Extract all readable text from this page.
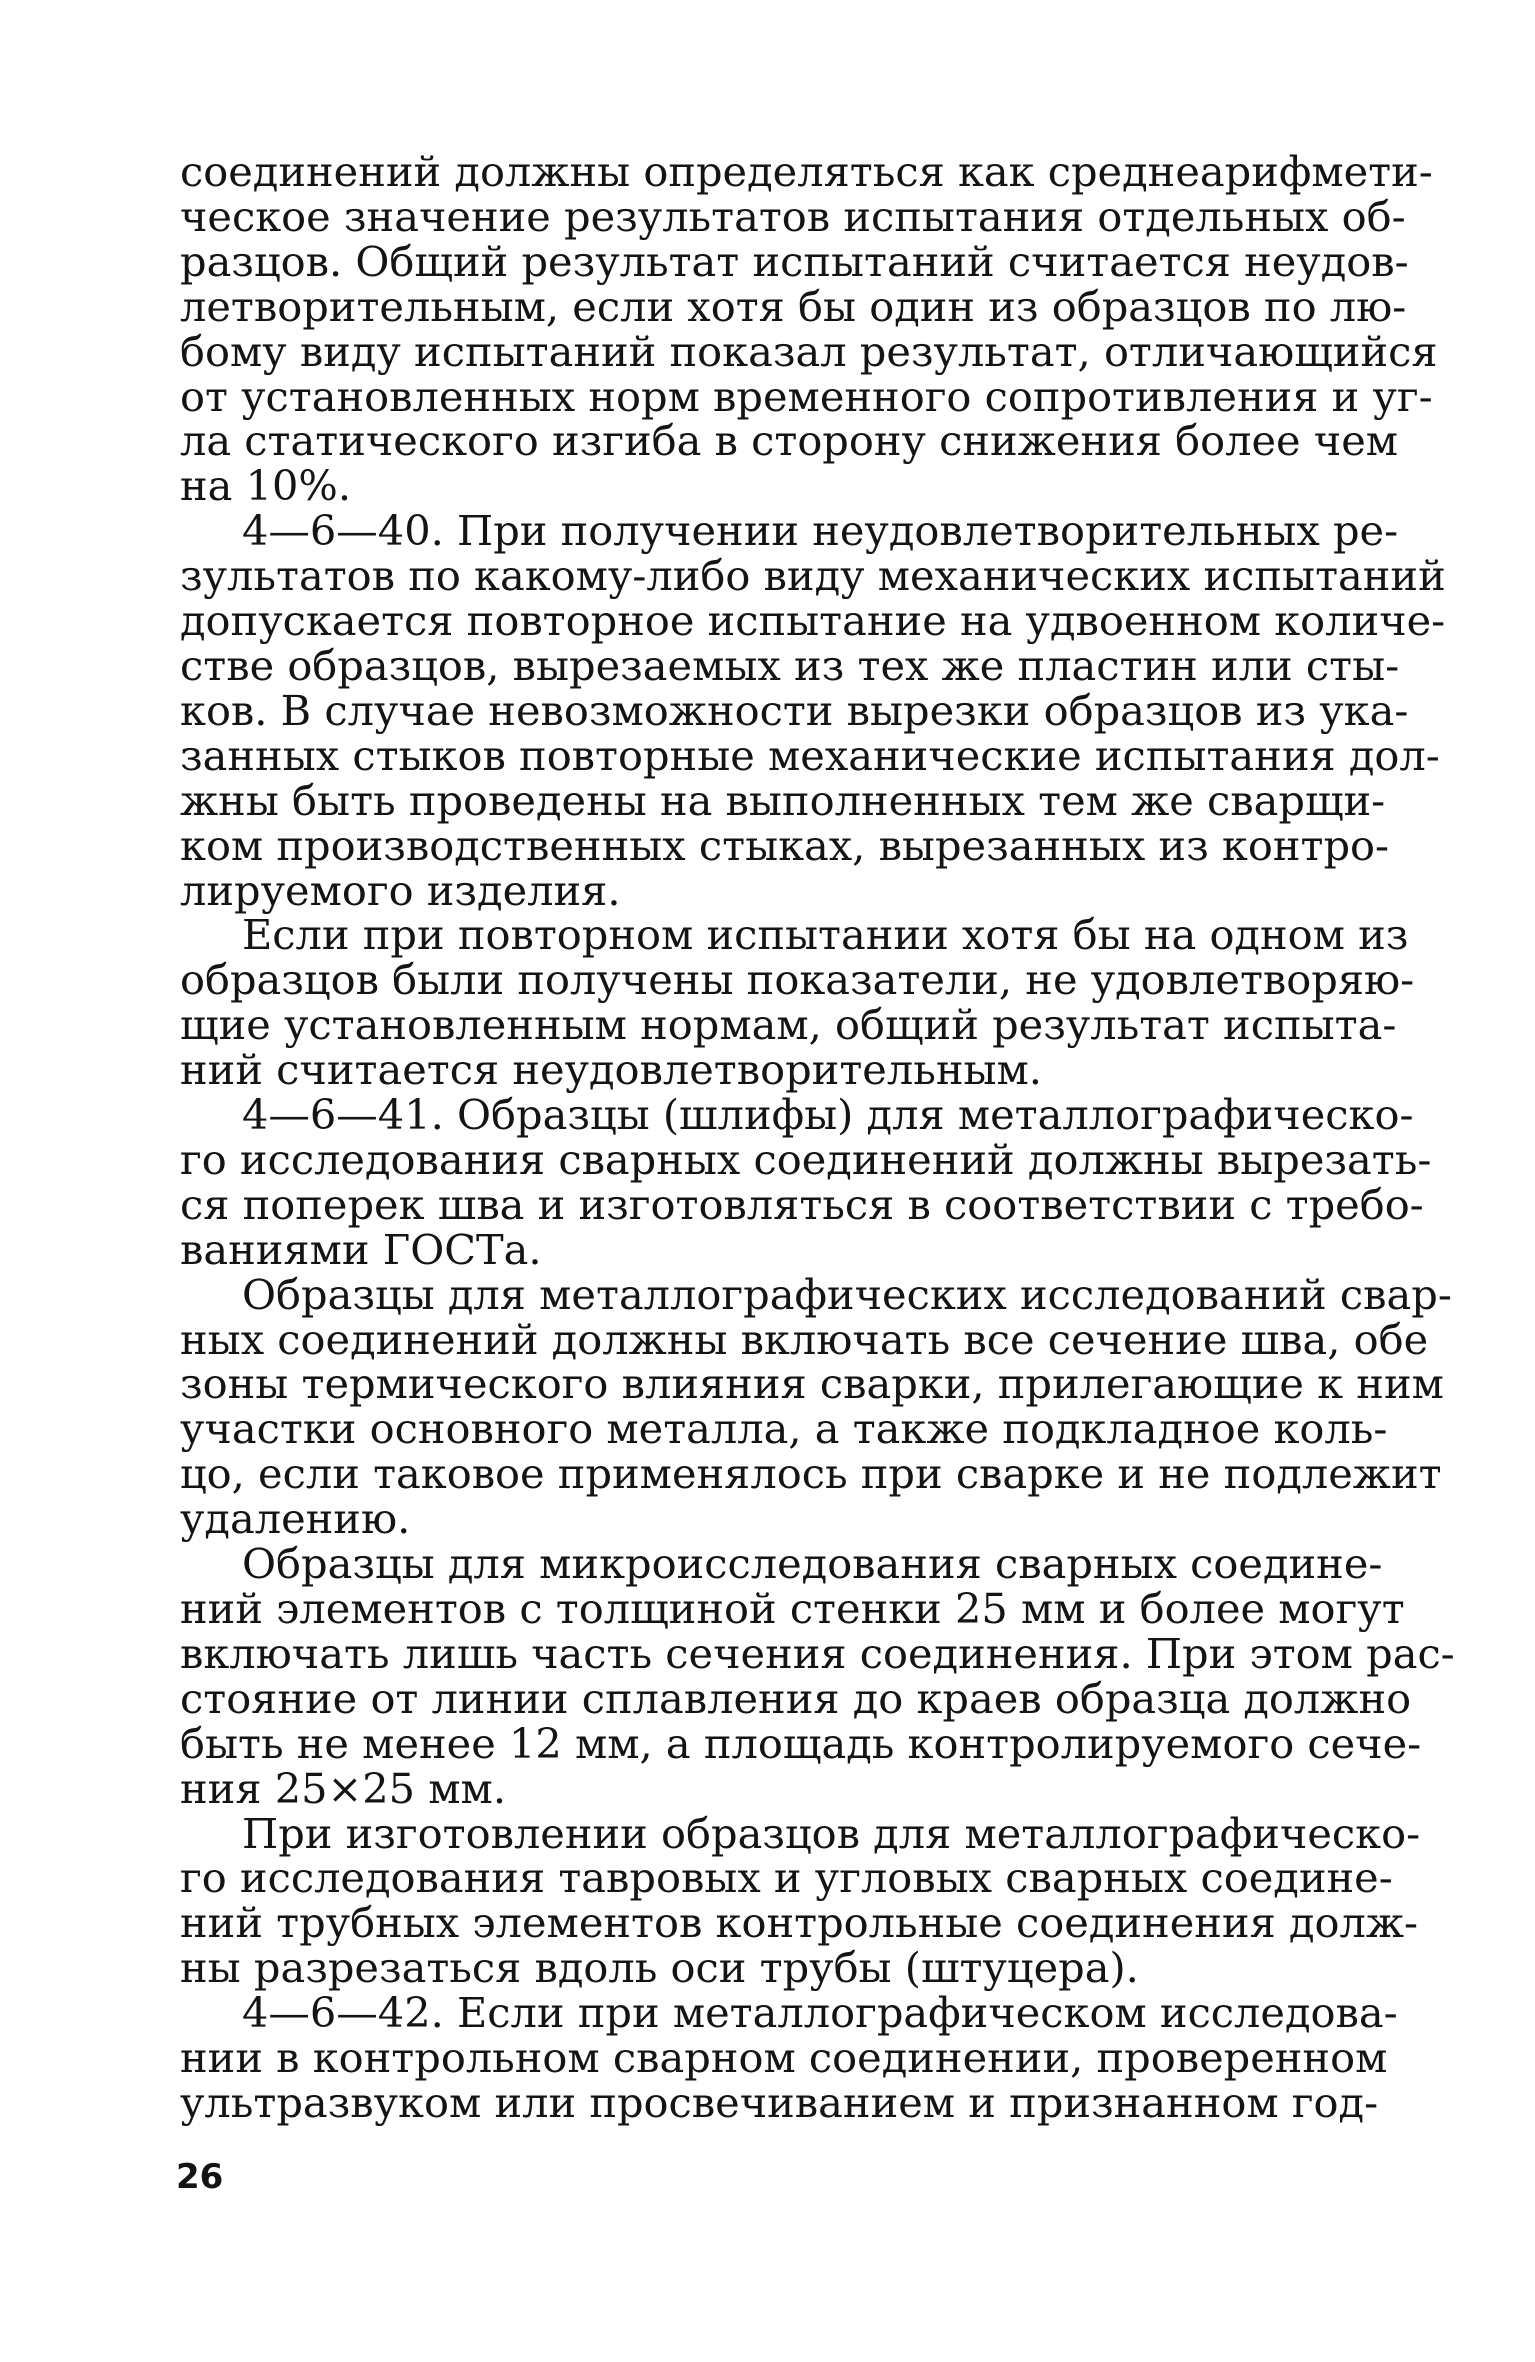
соединений должны определяться как среднеарифмети-
ческое значение результатов испытания отдельных об-
разцов. Общий результат испытаний считается неудов-
летворительным, если хотя бы один из образцов по лю-
бому виду испытаний показал результат, отличающийся
от установленных норм временного сопротивления и уг-
ла статического изгиба в сторону снижения более чем
на 10%.
4—6—40. При получении неудовлетворительных ре-
зультатов по какому-либо виду механических испытаний
допускается повторное испытание на удвоенном количе-
стве образцов, вырезаемых из тех же пластин или сты-
ков. В случае невозможности вырезки образцов из ука-
занных стыков повторные механические испытания дол-
жны быть проведены на выполненных тем же сварщи-
ком производственных стыках, вырезанных из контро-
лируемого изделия.
Если при повторном испытании хотя бы на одном из
образцов были получены показатели, не удовлетворяю-
щие установленным нормам, общий результат испыта-
ний считается неудовлетворительным.
4—6—41. Образцы (шлифы) для металлографическо-
го исследования сварных соединений должны вырезать-
ся поперек шва и изготовляться в соответствии с требо-
ваниями ГОСТа.
Образцы для металлографических исследований свар-
ных соединений должны включать все сечение шва, обе
зоны термического влияния сварки, прилегающие к ним
участки основного металла, а также подкладное коль-
цо, если таковое применялось при сварке и не подлежит
удалению.
Образцы для микроисследования сварных соедине-
ний элементов с толщиной стенки 25 мм и более могут
включать лишь часть сечения соединения. При этом рас-
стояние от линии сплавления до краев образца должно
быть не менее 12 мм, а площадь контролируемого сече-
ния 25×25 мм.
При изготовлении образцов для металлографическо-
го исследования тавровых и угловых сварных соедине-
ний трубных элементов контрольные соединения долж-
ны разрезаться вдоль оси трубы (штуцера).
4—6—42. Если при металлографическом исследова-
нии в контрольном сварном соединении, проверенном
ультразвуком или просвечиванием и признанном год-
26
